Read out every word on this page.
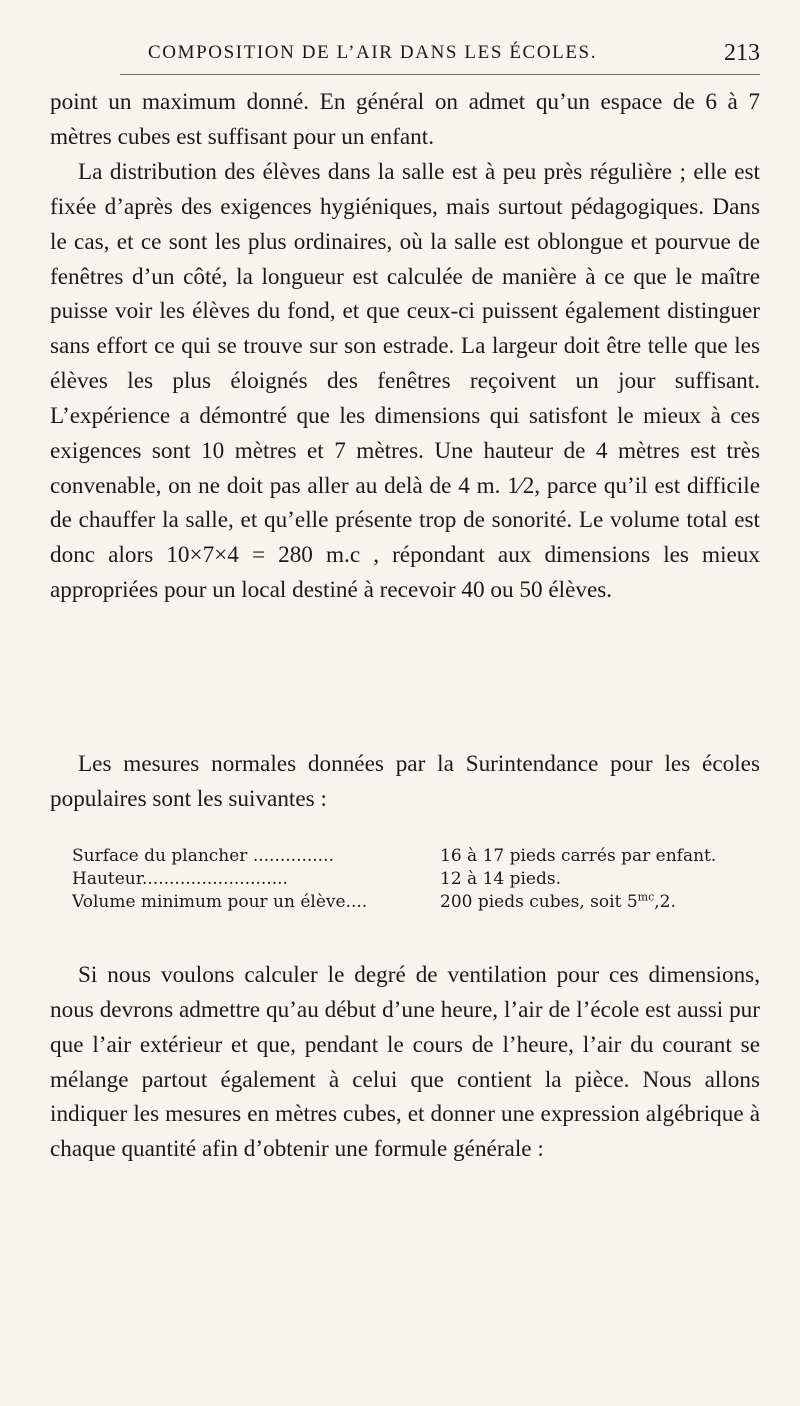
COMPOSITION DE L’AIR DANS LES ÉCOLES.	213

point un maximum donné. En général on admet qu’un espace de 6 à 7 mètres cubes est suffisant pour un enfant.

La distribution des élèves dans la salle est à peu près régulière ; elle est fixée d’après des exigences hygiéniques, mais surtout pédagogiques. Dans le cas, et ce sont les plus ordinaires, où la salle est oblongue et pourvue de fenêtres d’un côté, la longueur est calculée de manière à ce que le maître puisse voir les élèves du fond, et que ceux-ci puissent également distinguer sans effort ce qui se trouve sur son estrade. La largeur doit être telle que les élèves les plus éloignés des fenêtres reçoivent un jour suffisant. L’expérience a démontré que les dimensions qui satisfont le mieux à ces exigences sont 10 mètres et 7 mètres. Une hauteur de 4 mètres est très convenable, on ne doit pas aller au delà de 4 m. 1⁄2, parce qu’il est difficile de chauffer la salle, et qu’elle présente trop de sonorité. Le volume total est donc alors 10×7×4 = 280 m.c , répondant aux dimensions les mieux appropriées pour un local destiné à recevoir 40 ou 50 élèves.

Les mesures normales données par la Surintendance pour les écoles populaires sont les suivantes :

Surface du plancher ...............	16 à 17 pieds carrés par enfant.
Hauteur...........................	12 à 14 pieds.
Volume minimum pour un élève....	200 pieds cubes, soit $5^{mc},2$.

Si nous voulons calculer le degré de ventilation pour ces dimensions, nous devrons admettre qu’au début d’une heure, l’air de l’école est aussi pur que l’air extérieur et que, pendant le cours de l’heure, l’air du courant se mélange partout également à celui que contient la pièce. Nous allons indiquer les mesures en mètres cubes, et donner une expression algébrique à chaque quantité afin d’obtenir une formule générale :
